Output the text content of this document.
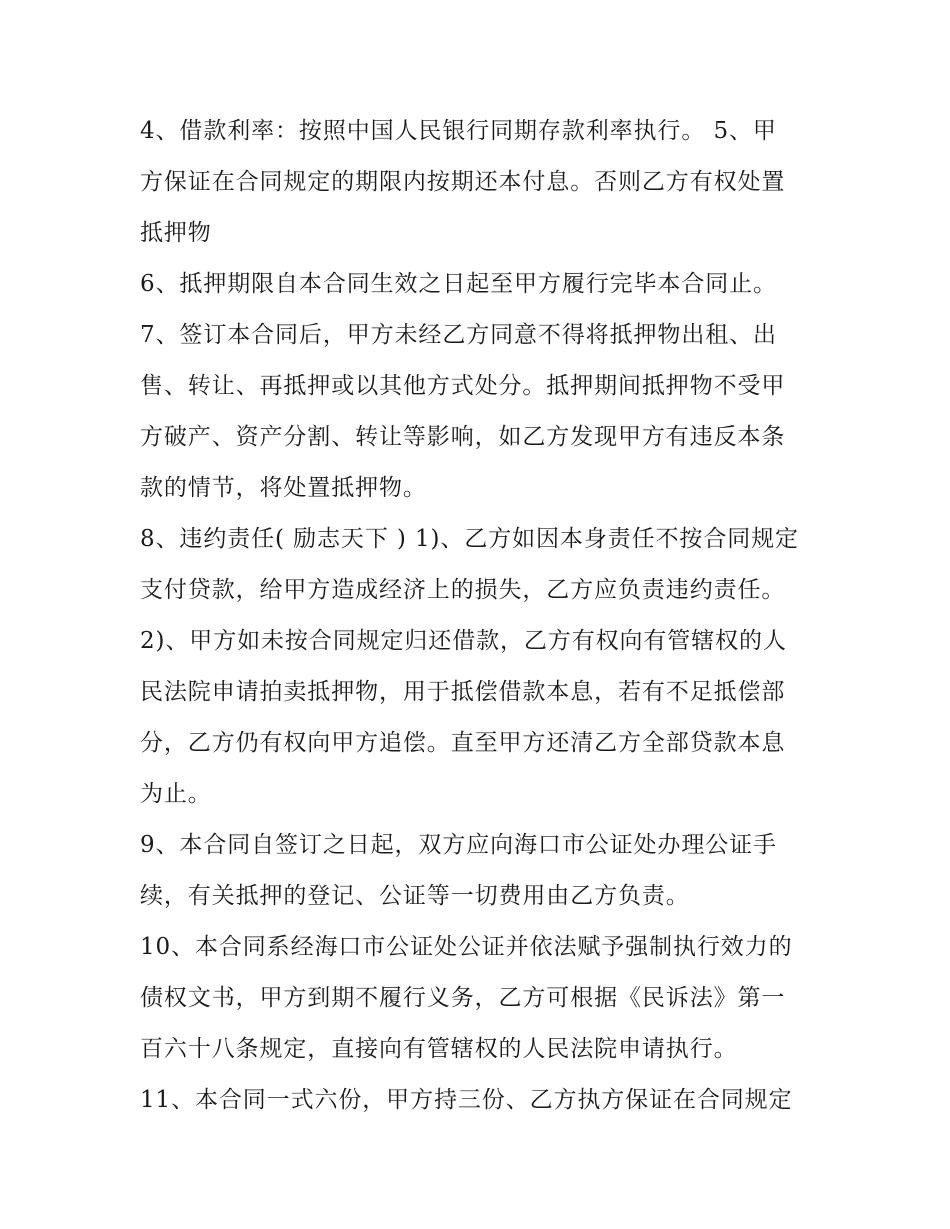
4、借款利率：按照中国人民银行同期存款利率执行。 5、甲
方保证在合同规定的期限内按期还本付息。否则乙方有权处置
抵押物
6、抵押期限自本合同生效之日起至甲方履行完毕本合同止。
7、签订本合同后，甲方未经乙方同意不得将抵押物出租、出
售、转让、再抵押或以其他方式处分。抵押期间抵押物不受甲
方破产、资产分割、转让等影响，如乙方发现甲方有违反本条
款的情节，将处置抵押物。
8、违约责任( 励志天下 ) 1)、乙方如因本身责任不按合同规定
支付贷款，给甲方造成经济上的损失，乙方应负责违约责任。
2)、甲方如未按合同规定归还借款，乙方有权向有管辖权的人
民法院申请拍卖抵押物，用于抵偿借款本息，若有不足抵偿部
分，乙方仍有权向甲方追偿。直至甲方还清乙方全部贷款本息
为止。
9、本合同自签订之日起，双方应向海口市公证处办理公证手
续，有关抵押的登记、公证等一切费用由乙方负责。
10、本合同系经海口市公证处公证并依法赋予强制执行效力的
债权文书，甲方到期不履行义务，乙方可根据《民诉法》第一
百六十八条规定，直接向有管辖权的人民法院申请执行。
11、本合同一式六份，甲方持三份、乙方执方保证在合同规定
